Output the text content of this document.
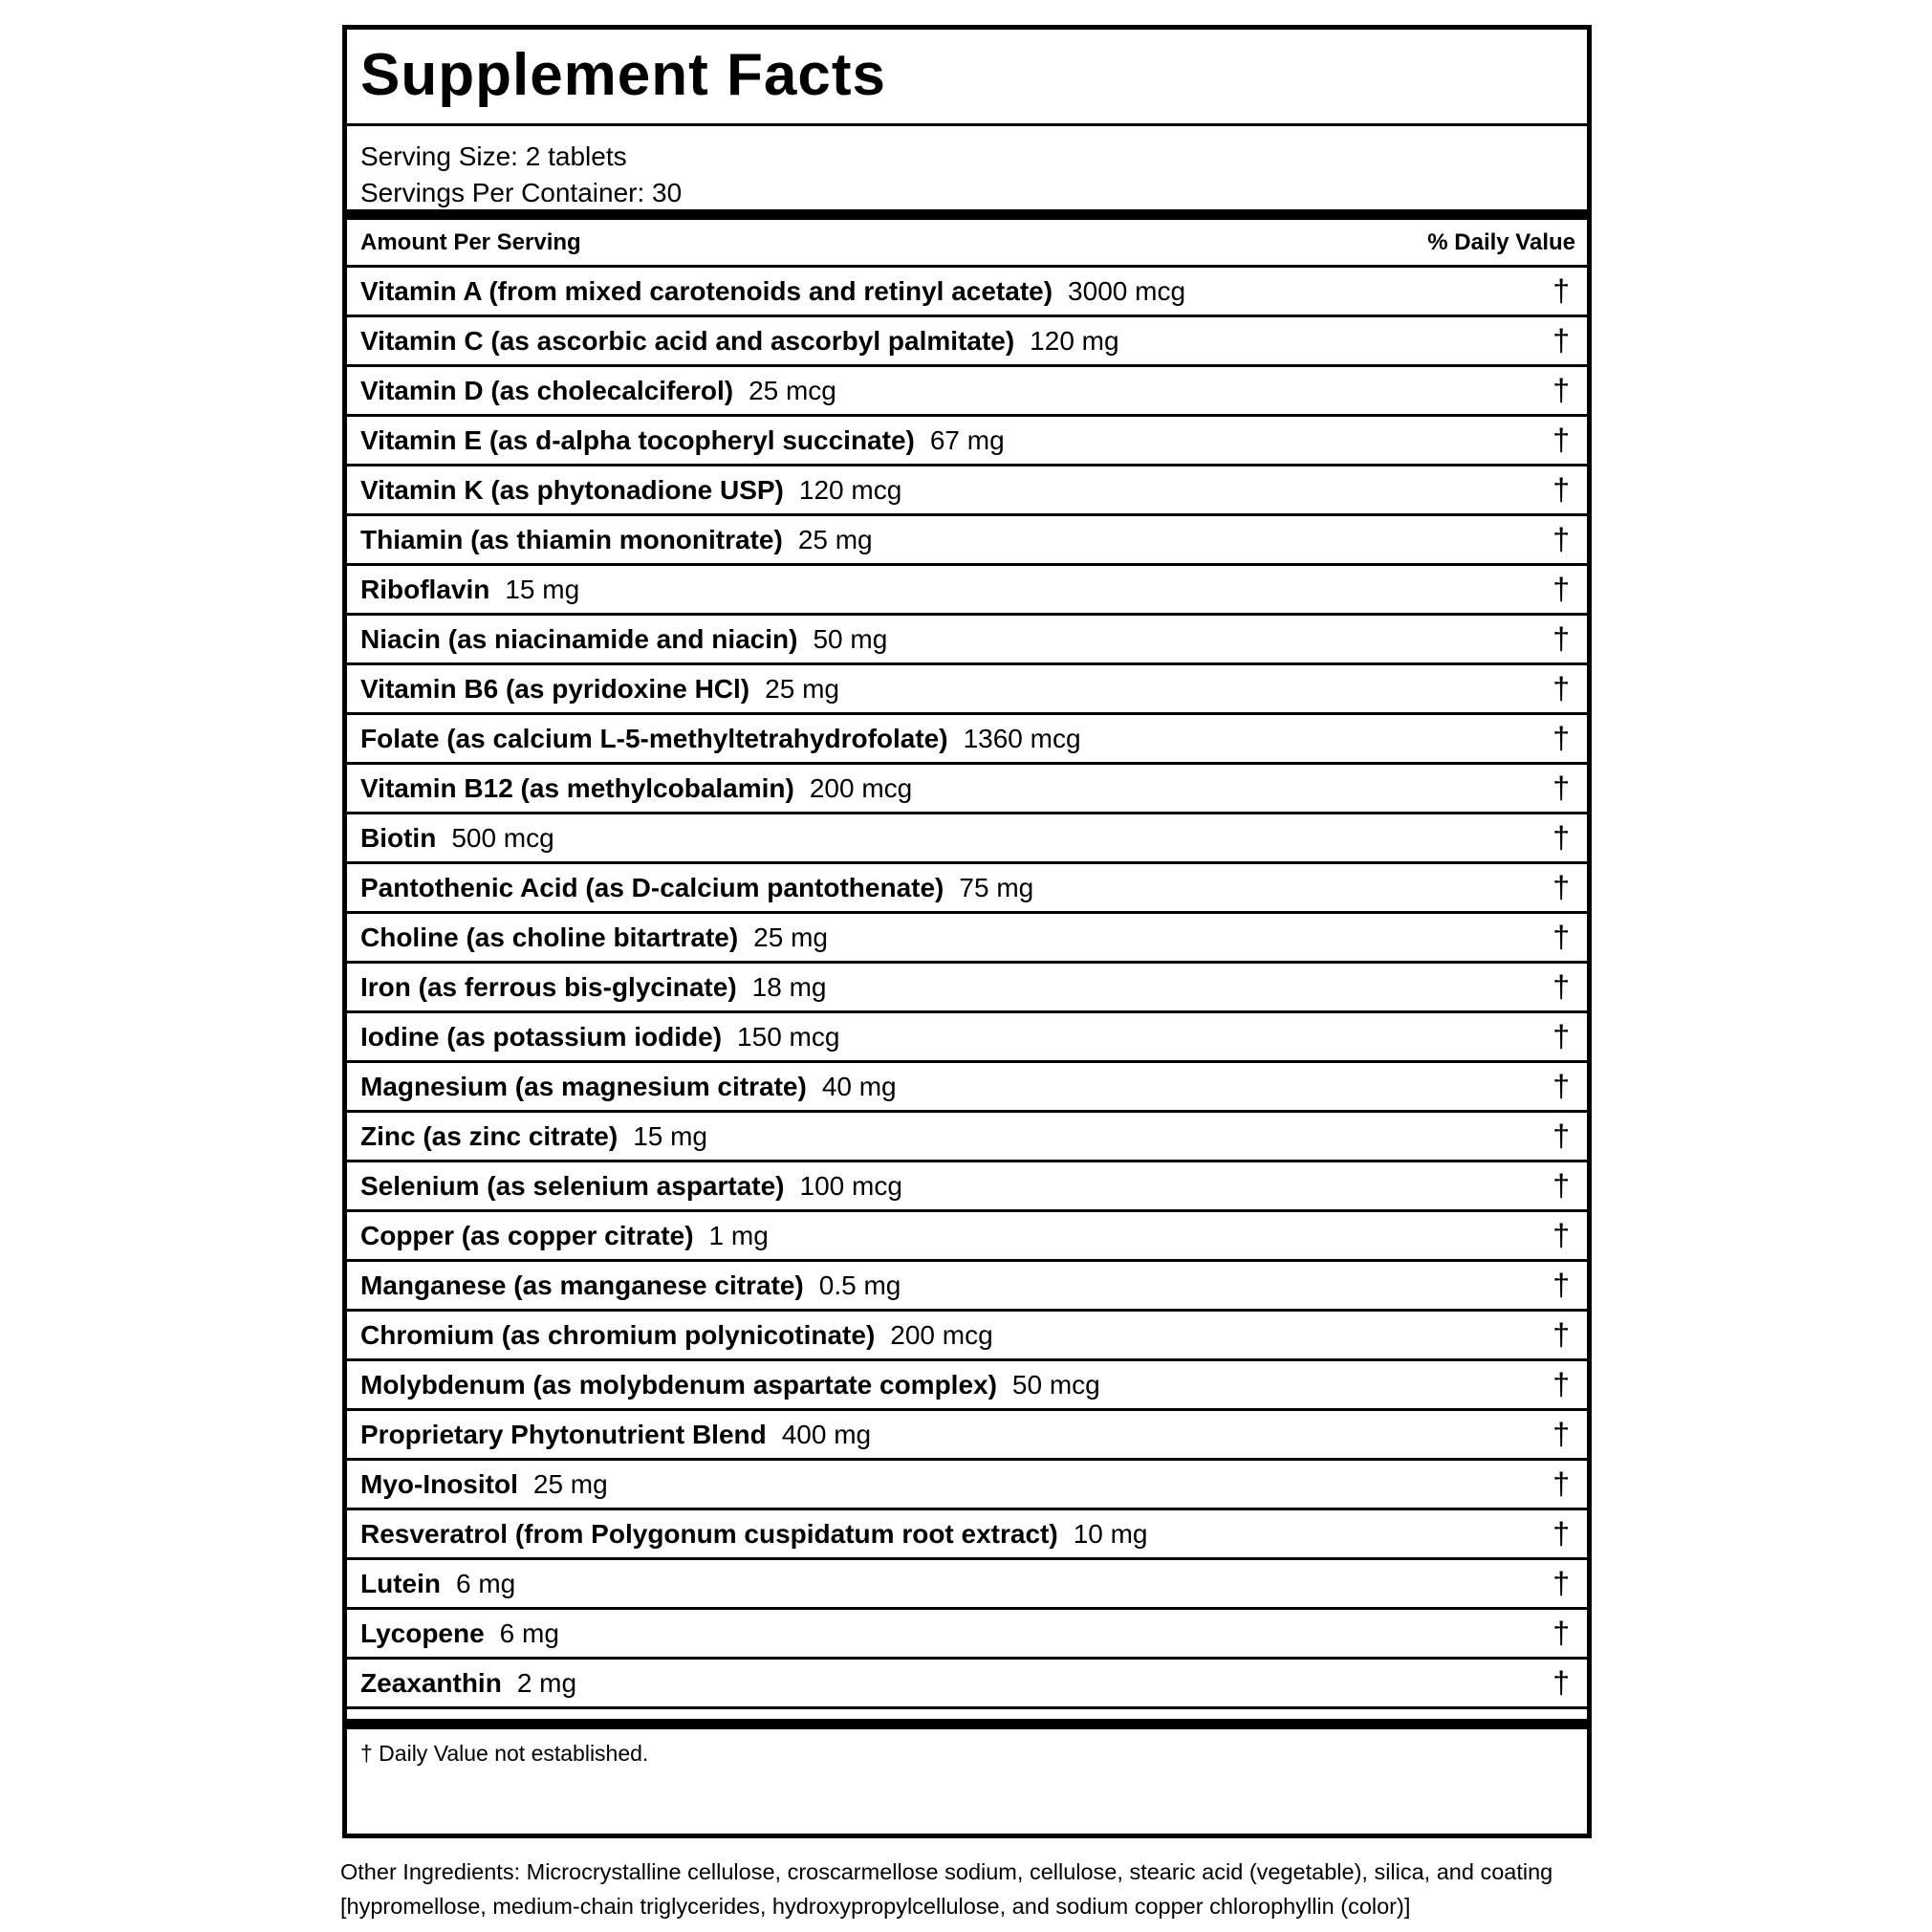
Supplement Facts
Serving Size: 2 tablets
Servings Per Container: 30
Amount Per Serving	% Daily Value
Vitamin A (from mixed carotenoids and retinyl acetate) 3000 mcg	†
Vitamin C (as ascorbic acid and ascorbyl palmitate) 120 mg	†
Vitamin D (as cholecalciferol) 25 mcg	†
Vitamin E (as d-alpha tocopheryl succinate) 67 mg	†
Vitamin K (as phytonadione USP) 120 mcg	†
Thiamin (as thiamin mononitrate) 25 mg	†
Riboflavin 15 mg	†
Niacin (as niacinamide and niacin) 50 mg	†
Vitamin B6 (as pyridoxine HCl) 25 mg	†
Folate (as calcium L-5-methyltetrahydrofolate) 1360 mcg	†
Vitamin B12 (as methylcobalamin) 200 mcg	†
Biotin 500 mcg	†
Pantothenic Acid (as D-calcium pantothenate) 75 mg	†
Choline (as choline bitartrate) 25 mg	†
Iron (as ferrous bis-glycinate) 18 mg	†
Iodine (as potassium iodide) 150 mcg	†
Magnesium (as magnesium citrate) 40 mg	†
Zinc (as zinc citrate) 15 mg	†
Selenium (as selenium aspartate) 100 mcg	†
Copper (as copper citrate) 1 mg	†
Manganese (as manganese citrate) 0.5 mg	†
Chromium (as chromium polynicotinate) 200 mcg	†
Molybdenum (as molybdenum aspartate complex) 50 mcg	†
Proprietary Phytonutrient Blend 400 mg	†
Myo-Inositol 25 mg	†
Resveratrol (from Polygonum cuspidatum root extract) 10 mg	†
Lutein 6 mg	†
Lycopene 6 mg	†
Zeaxanthin 2 mg	†
† Daily Value not established.
Other Ingredients: Microcrystalline cellulose, croscarmellose sodium, cellulose, stearic acid (vegetable), silica, and coating
[hypromellose, medium-chain triglycerides, hydroxypropylcellulose, and sodium copper chlorophyllin (color)]
